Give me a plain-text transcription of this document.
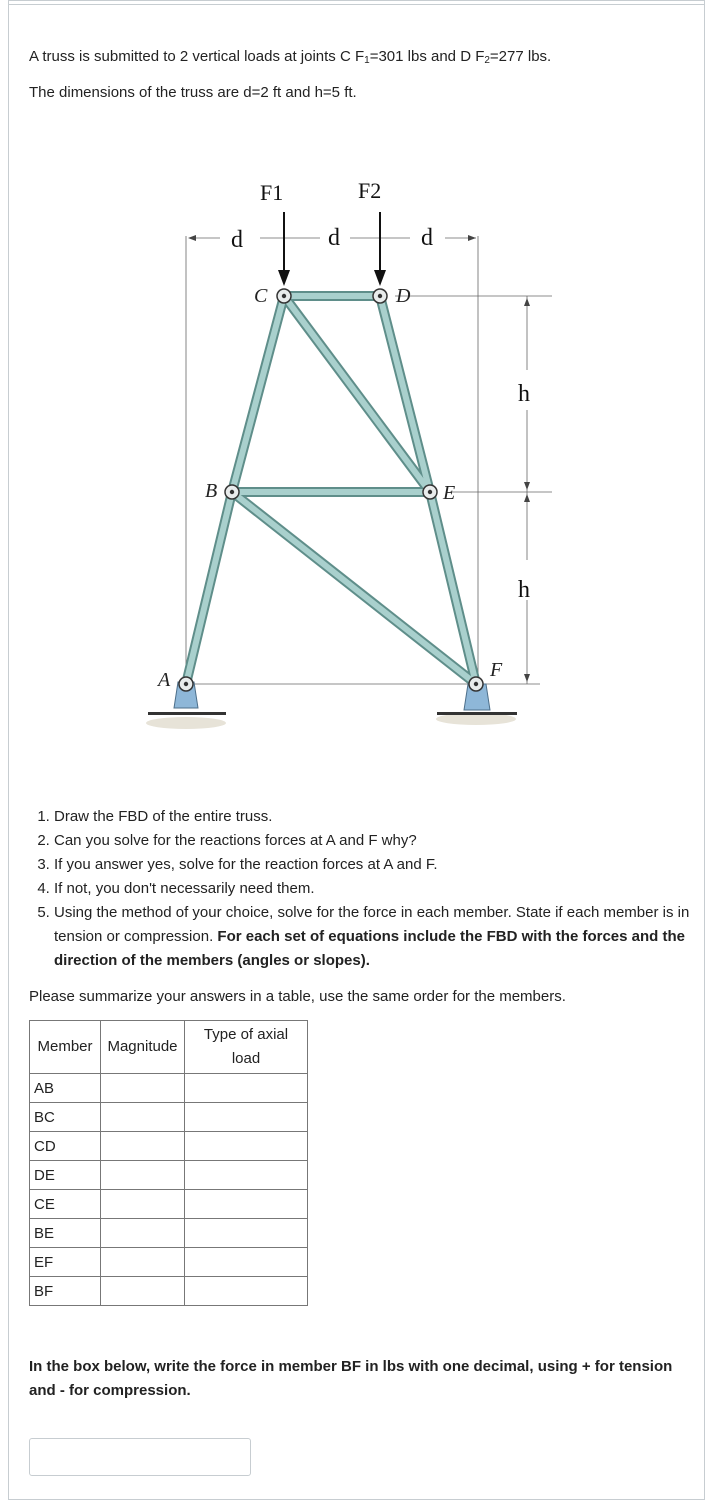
A truss is submitted to 2 vertical loads at joints C $F_1=301$ lbs and D $F_2=277$ lbs.

The dimensions of the truss are d=2 ft and h=5 ft.

A
B
C	D
E
F
F1	F2
d	d	d
h
h
1. Draw the FBD of the entire truss.
2. Can you solve for the reactions forces at A and F why?
3. If you answer yes, solve for the reaction forces at A and F.
4. If not, you don't necessarily need them.
5. Using the method of your choice, solve for the force in each member. State if each member is in tension or compression. For each set of equations include the FBD with the forces and the direction of the members (angles or slopes).

Please summarize your answers in a table, use the same order for the members.

Member	Magnitude	Type of axial load
AB		
BC		
CD		
DE		
CE		
BE		
EF		
BF		

In the box below, write the force in member BF in lbs with one decimal, using + for tension and - for compression.
